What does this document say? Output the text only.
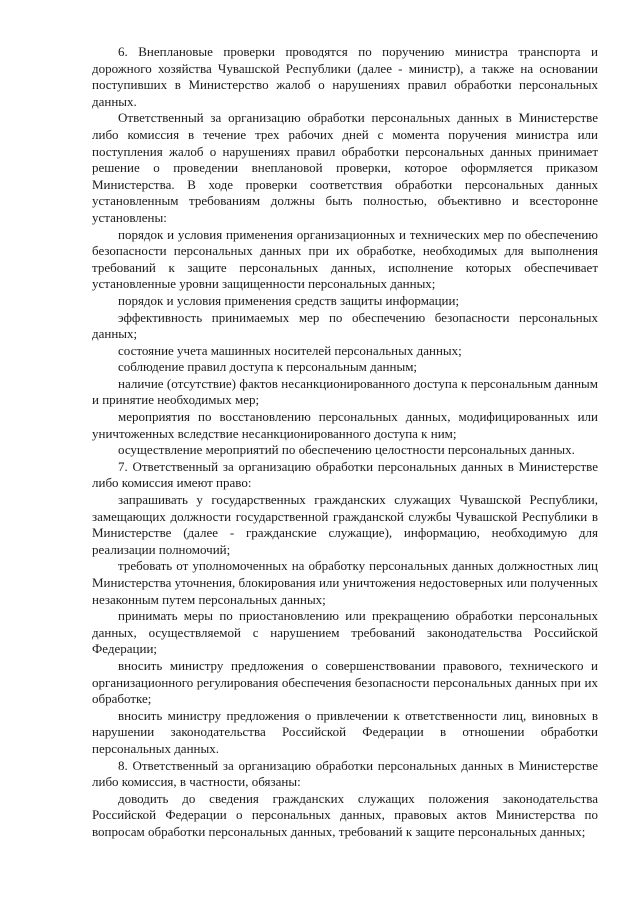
6. Внеплановые проверки проводятся по поручению министра транспорта и дорожного хозяйства Чувашской Республики (далее - министр), а также на основании поступивших в Министерство жалоб о нарушениях правил обработки персональных данных.

Ответственный за организацию обработки персональных данных в Министерстве либо комиссия в течение трех рабочих дней с момента поручения министра или поступления жалоб о нарушениях правил обработки персональных данных принимает решение о проведении внеплановой проверки, которое оформляется приказом Министерства. В ходе проверки соответствия обработки персональных данных установленным требованиям должны быть полностью, объективно и всесторонне установлены:

порядок и условия применения организационных и технических мер по обеспечению безопасности персональных данных при их обработке, необходимых для выполнения требований к защите персональных данных, исполнение которых обеспечивает установленные уровни защищенности персональных данных;

порядок и условия применения средств защиты информации;

эффективность принимаемых мер по обеспечению безопасности персональных данных;

состояние учета машинных носителей персональных данных;

соблюдение правил доступа к персональным данным;

наличие (отсутствие) фактов несанкционированного доступа к персональным данным и принятие необходимых мер;

мероприятия по восстановлению персональных данных, модифицированных или уничтоженных вследствие несанкционированного доступа к ним;

осуществление мероприятий по обеспечению целостности персональных данных.

7. Ответственный за организацию обработки персональных данных в Министерстве либо комиссия имеют право:

запрашивать у государственных гражданских служащих Чувашской Республики, замещающих должности государственной гражданской службы Чувашской Республики в Министерстве (далее - гражданские служащие), информацию, необходимую для реализации полномочий;

требовать от уполномоченных на обработку персональных данных должностных лиц Министерства уточнения, блокирования или уничтожения недостоверных или полученных незаконным путем персональных данных;

принимать меры по приостановлению или прекращению обработки персональных данных, осуществляемой с нарушением требований законодательства Российской Федерации;

вносить министру предложения о совершенствовании правового, технического и организационного регулирования обеспечения безопасности персональных данных при их обработке;

вносить министру предложения о привлечении к ответственности лиц, виновных в нарушении законодательства Российской Федерации в отношении обработки персональных данных.

8. Ответственный за организацию обработки персональных данных в Министерстве либо комиссия, в частности, обязаны:

доводить до сведения гражданских служащих положения законодательства Российской Федерации о персональных данных, правовых актов Министерства по вопросам обработки персональных данных, требований к защите персональных данных;
